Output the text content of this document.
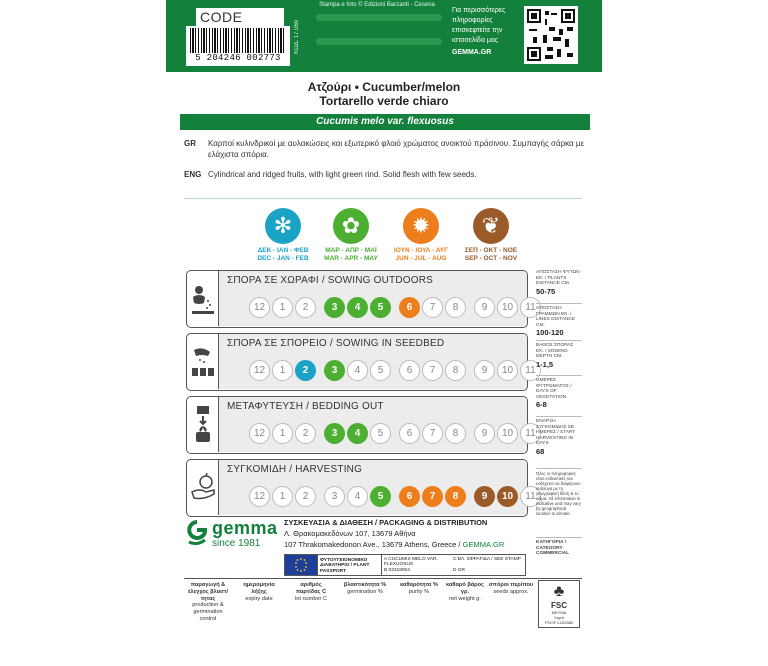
CODE
5 204246 002773
ΚΩΔ. 17.069
Stampa e foto © Edizioni Barzanti - Cesena
Για περισσότερες πληροφορίες επισκεφτείτε την ιστοσελίδα μας
GEMMA.GR
Ατζούρι • Cucumber/melon
Tortarello verde chiaro
Cucumis melo var. flexuosus
GR Καρποί κυλινδρικοί με αυλακώσεις και εξωτερικό φλοιό χρώματος ανοικτού πράσινου. Συμπαγής σάρκα με ελάχιστα σπόρια.
ENG Cylindrical and ridged fruits, with light green rind. Solid flesh with few seeds.
✻
ΔΕΚ - ΙΑΝ - ΦΕΒ
DEC - JAN - FEB
✿
ΜΑΡ - ΑΠΡ - ΜΑΪ
MAR - APR - MAY
✹
ΙΟΥΝ - ΙΟΥΛ - ΑΥΓ
JUN - JUL - AUG
❦
ΣΕΠ - ΟΚΤ - ΝΟΕ
SEP - OCT - NOV
ΣΠΟΡΑ ΣΕ ΧΩΡΑΦΙ / SOWING OUTDOORS
12	1	2	3	4	5	6	7	8	9	10	11
ΣΠΟΡΑ ΣΕ ΣΠΟΡΕΙΟ / SOWING IN SEEDBED
12	1	2	3	4	5	6	7	8	9	10	11
ΜΕΤΑΦΥΤΕΥΣΗ / BEDDING OUT
12	1	2	3	4	5	6	7	8	9	10	11
ΣΥΓΚΟΜΙΔΗ / HARVESTING
12	1	2	3	4	5	6	7	8	9	10	11
ΑΠΟΣΤΑΣΗ ΦΥΤΩΝ ΕΚ. / PLANTS DISTANCE CM.
50-75
ΑΠΟΣΤΑΣΗ ΓΡΑΜΜΩΝ ΕΚ. / LINES DISTANCE CM.
100-120
ΒΑΘΟΣ ΣΠΟΡΑΣ ΕΚ. / SOWING DEPTH CM.
1-1,5
ΗΜΕΡΕΣ ΦΥΤΡΩΜΑΤΟΣ / DAYS OF VEGETATION
6-8
ΕΝΑΡΞΗ ΣΥΓΚΟΜΙΔΗΣ ΣΕ ΗΜΕΡΕΣ / START HARVESTING IN DAYS
68
Όλες οι πληροφορίες είναι ενδεικτικές και ενδέχεται να διαφέρουν ανάλογα με τη γεωγραφική θέση & το κλίμα. All information is indicative and may vary by geographical location & climate.
ΚΑΤΗΓΟΡΙΑ / CATEGORY
COMMERCIAL
gemma
since 1981
ΣΥΣΚΕΥΑΣΙΑ & ΔΙΑΘΕΣΗ / PACKAGING & DISTRIBUTION
Λ. Θρακομακεδόνων 107, 13679 Αθήνα
107 Thrakomakedonon Ave., 13679 Athens, Greece / GEMMA.GR
ΦΥΤΟΥΓΕΙΟΝΟΜΙΚΟ ΔΙΑΒΑΤΗΡΙΟ / PLANT PASSPORT
A CUCUMIS MELO VAR. FLEXUOSUS
B 02318004
C ΒΛ. ΣΦΡΑΓΙΔΑ / SEE STAMP
D GR
παραγωγή & έλεγχος βλαστ/τητας
production & germination control
ημερομηνία λήξης
expiry date
αριθμός παρτίδας C
lot number C
βλαστικότητα %
germination %
καθαρότητα %
purity %
καθαρό βάρος γρ.
net weight g.
σπόροι περίπου
seeds approx.	♣
FSC
MEYMA
Χαρτί
FSC® C103382
